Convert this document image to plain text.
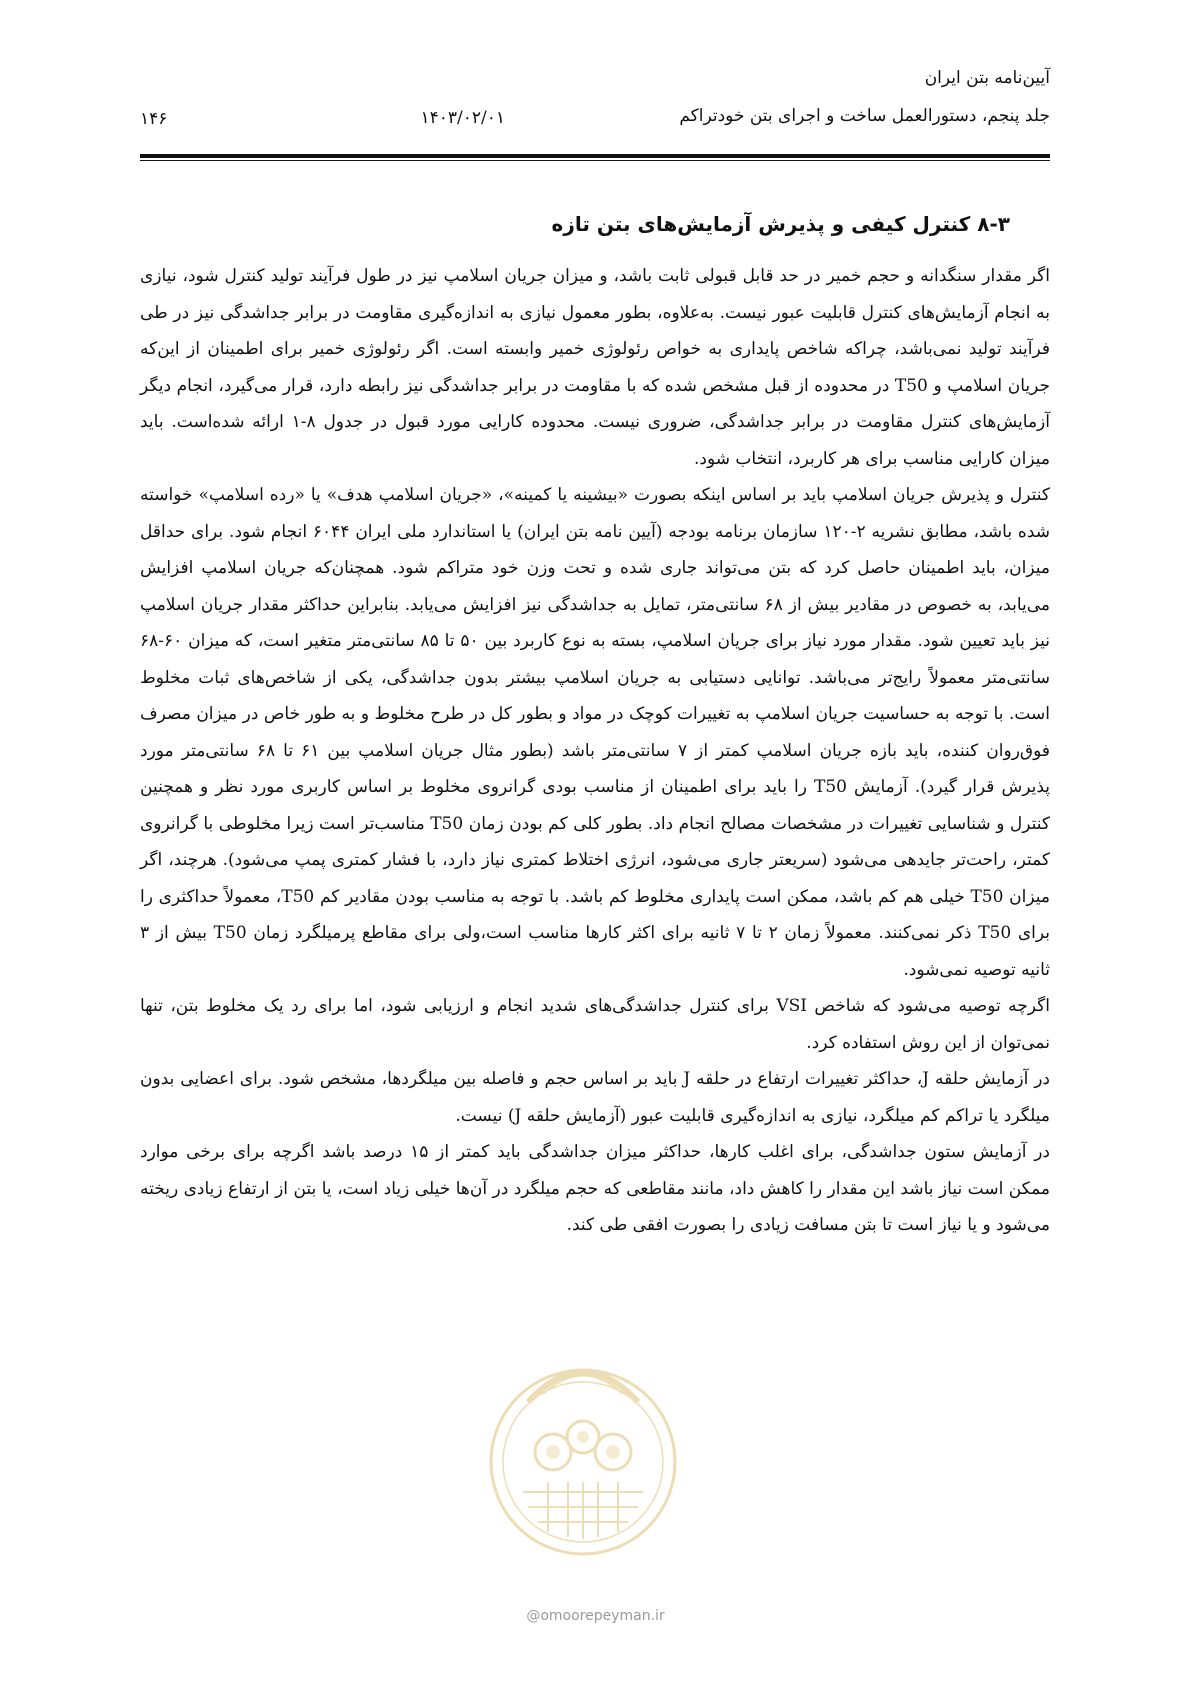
آیین‌نامه بتن ایران
جلد پنجم، دستورالعمل ساخت و اجرای بتن خودتراکم
۱۴۰۳/۰۲/۰۱
۱۴۶
۸-۳ کنترل کیفی و پذیرش آزمایش‌های بتن تازه

اگر مقدار سنگدانه و حجم خمیر در حد قابل قبولی ثابت باشد، و میزان جریان اسلامپ نیز در طول فرآیند تولید کنترل شود، نیازی به انجام آزمایش‌های کنترل قابلیت عبور نیست. به‌علاوه، بطور معمول نیازی به اندازه‌گیری مقاومت در برابر جداشدگی نیز در طی فرآیند تولید نمی‌باشد، چراکه شاخص پایداری به خواص رئولوژی خمیر وابسته است. اگر رئولوژی خمیر برای اطمینان از این‌که جریان اسلامپ و T50 در محدوده از قبل مشخص شده که با مقاومت در برابر جداشدگی نیز رابطه دارد، قرار می‌گیرد، انجام دیگر آزمایش‌های کنترل مقاومت در برابر جداشدگی، ضروری نیست. محدوده کارایی مورد قبول در جدول ۸-۱ ارائه شده‌است. باید میزان کارایی مناسب برای هر کاربرد، انتخاب شود.

کنترل و پذیرش جریان اسلامپ باید بر اساس اینکه بصورت «بیشینه یا کمینه»، «جریان اسلامپ هدف» یا «رده اسلامپ» خواسته شده باشد، مطابق نشریه ۲-۱۲۰ سازمان برنامه بودجه (آیین نامه بتن ایران) یا استاندارد ملی ایران ۶۰۴۴ انجام شود. برای حداقل میزان، باید اطمینان حاصل کرد که بتن می‌تواند جاری شده و تحت وزن خود متراکم شود. همچنان‌که جریان اسلامپ افزایش می‌یابد، به خصوص در مقادیر بیش از ۶۸ سانتی‌متر، تمایل به جداشدگی نیز افزایش می‌یابد. بنابراین حداکثر مقدار جریان اسلامپ نیز باید تعیین شود. مقدار مورد نیاز برای جریان اسلامپ، بسته به نوع کاربرد بین ۵۰ تا ۸۵ سانتی‌متر متغیر است، که میزان ۶۰-۶۸ سانتی‌متر معمولاً رایج‌تر می‌باشد. توانایی دستیابی به جریان اسلامپ بیشتر بدون جداشدگی، یکی از شاخص‌های ثبات مخلوط است. با توجه به حساسیت جریان اسلامپ به تغییرات کوچک در مواد و بطور کل در طرح مخلوط و به طور خاص در میزان مصرف فوق‌روان کننده، باید بازه جریان اسلامپ کمتر از ۷ سانتی‌متر باشد (بطور مثال جریان اسلامپ بین ۶۱ تا ۶۸ سانتی‌متر مورد پذیرش قرار گیرد). آزمایش T50 را باید برای اطمینان از مناسب بودی گرانروی مخلوط بر اساس کاربری مورد نظر و همچنین کنترل و شناسایی تغییرات در مشخصات مصالح انجام داد. بطور کلی کم بودن زمان T50 مناسب‌تر است زیرا مخلوطی با گرانروی کمتر، راحت‌تر جایدهی می‌شود (سریعتر جاری می‌شود، انرژی اختلاط کمتری نیاز دارد، با فشار کمتری پمپ می‌شود). هرچند، اگر میزان T50 خیلی هم کم باشد، ممکن است پایداری مخلوط کم باشد. با توجه به مناسب بودن مقادیر کم T50، معمولاً حداکثری را برای T50 ذکر نمی‌کنند. معمولاً زمان ۲ تا ۷ ثانیه برای اکثر کارها مناسب است،ولی برای مقاطع پرمیلگرد زمان T50 بیش از ۳ ثانیه توصیه نمی‌شود.

اگرچه توصیه می‌شود که شاخص VSI برای کنترل جداشدگی‌های شدید انجام و ارزیابی شود، اما برای رد یک مخلوط بتن، تنها نمی‌توان از این روش استفاده کرد.

در آزمایش حلقه J، حداکثر تغییرات ارتفاع در حلقه J باید بر اساس حجم و فاصله بین میلگردها، مشخص شود. برای اعضایی بدون میلگرد یا تراکم کم میلگرد، نیازی به اندازه‌گیری قابلیت عبور (آزمایش حلقه J) نیست.

در آزمایش ستون جداشدگی، برای اغلب کارها، حداکثر میزان جداشدگی باید کمتر از ۱۵ درصد باشد اگرچه برای برخی موارد ممکن است نیاز باشد این مقدار را کاهش داد، مانند مقاطعی که حجم میلگرد در آن‌ها خیلی زیاد است، یا بتن از ارتفاع زیادی ریخته می‌شود و یا نیاز است تا بتن مسافت زیادی را بصورت افقی طی کند.

@omoorepeyman.ir
